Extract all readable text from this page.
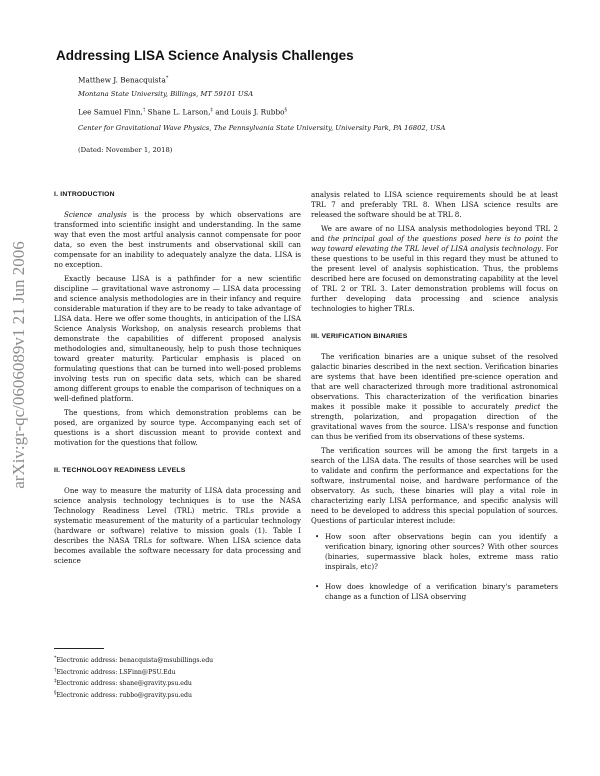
arXiv:gr-qc/0606089v1 21 Jun 2006
Addressing LISA Science Analysis Challenges
Matthew J. Benacquista*
Montana State University, Billings, MT 59101 USA
Lee Samuel Finn,† Shane L. Larson,‡ and Louis J. Rubbo§
Center for Gravitational Wave Physics, The Pennsylvania State University, University Park, PA 16802, USA
(Dated: November 1, 2018)
I. INTRODUCTION

Science analysis is the process by which observations are transformed into scientific insight and understanding. In the same way that even the most artful analysis cannot compensate for poor data, so even the best instruments and observational skill can compensate for an inability to adequately analyze the data. LISA is no exception.

Exactly because LISA is a pathfinder for a new scientific discipline — gravitational wave astronomy — LISA data processing and science analysis methodologies are in their infancy and require considerable maturation if they are to be ready to take advantage of LISA data. Here we offer some thoughts, in anticipation of the LISA Science Analysis Workshop, on analysis research problems that demonstrate the capabilities of different proposed analysis methodologies and, simultaneously, help to push those techniques toward greater maturity. Particular emphasis is placed on formulating questions that can be turned into well-posed problems involving tests run on specific data sets, which can be shared among different groups to enable the comparison of techniques on a well-defined platform.

The questions, from which demonstration problems can be posed, are organized by source type. Accompanying each set of questions is a short discussion meant to provide context and motivation for the questions that follow.

II. TECHNOLOGY READINESS LEVELS

One way to measure the maturity of LISA data processing and science analysis technology techniques is to use the NASA Technology Readiness Level (TRL) metric. TRLs provide a systematic measurement of the maturity of a particular technology (hardware or software) relative to mission goals (1). Table I describes the NASA TRLs for software. When LISA science data becomes available the software necessary for data processing and science

*Electronic address: benacquista@msubillings.edu
†Electronic address: LSFinn@PSU.Edu
‡Electronic address: shane@gravity.psu.edu
§Electronic address: rubbo@gravity.psu.edu

analysis related to LISA science requirements should be at least TRL 7 and preferably TRL 8. When LISA science results are released the software should be at TRL 8.

We are aware of no LISA analysis methodologies beyond TRL 2 and the principal goal of the questions posed here is to point the way toward elevating the TRL level of LISA analysis technology. For these questions to be useful in this regard they must be attuned to the present level of analysis sophistication. Thus, the problems described here are focused on demonstrating capability at the level of TRL 2 or TRL 3. Later demonstration problems will focus on further developing data processing and science analysis technologies to higher TRLs.

III. VERIFICATION BINARIES

The verification binaries are a unique subset of the resolved galactic binaries described in the next section. Verification binaries are systems that have been identified pre-science operation and that are well characterized through more traditional astronomical observations. This characterization of the verification binaries makes it possible make it possible to accurately predict the strength, polarization, and propagation direction of the gravitational waves from the source. LISA's response and function can thus be verified from its observations of these systems.

The verification sources will be among the first targets in a search of the LISA data. The results of those searches will be used to validate and confirm the performance and expectations for the software, instrumental noise, and hardware performance of the observatory. As such, these binaries will play a vital role in characterizing early LISA performance, and specific analysis will need to be developed to address this special population of sources. Questions of particular interest include:

• How soon after observations begin can you identify a verification binary, ignoring other sources? With other sources (binaries, supermassive black holes, extreme mass ratio inspirals, etc)?
• How does knowledge of a verification binary's parameters change as a function of LISA observing
